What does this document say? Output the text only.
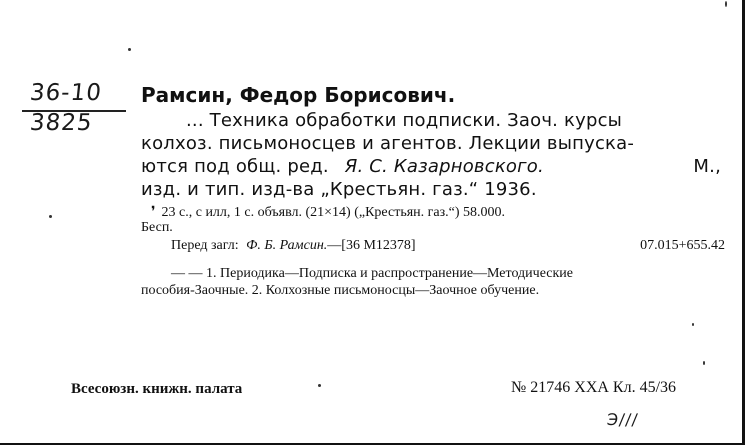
36-10
3825
Рамсин, Федор Борисович.
... Техника обработки подписки. Заоч. курсы
колхоз. письмоносцев и агентов. Лекции выпуска-
ются под общ. ред. Я. С. Казарновского.	М.,
изд. и тип. изд-ва „Крестьян. газ.“ 1936.
❜ 23 с., с илл, 1 с. объявл. (21×14) („Крестьян. газ.“) 58.000.
Бесп.
Перед загл: Ф. Б. Рамсин.—[36 М12378]	07.015+655.42
— — 1. Периодика—Подписка и распространение—Методические
пособия-Заочные. 2. Колхозные письмоносцы—Заочное обучение.
Всесоюзн. книжн. палата	№ 21746 ХХА Кл. 45/36
Э///
